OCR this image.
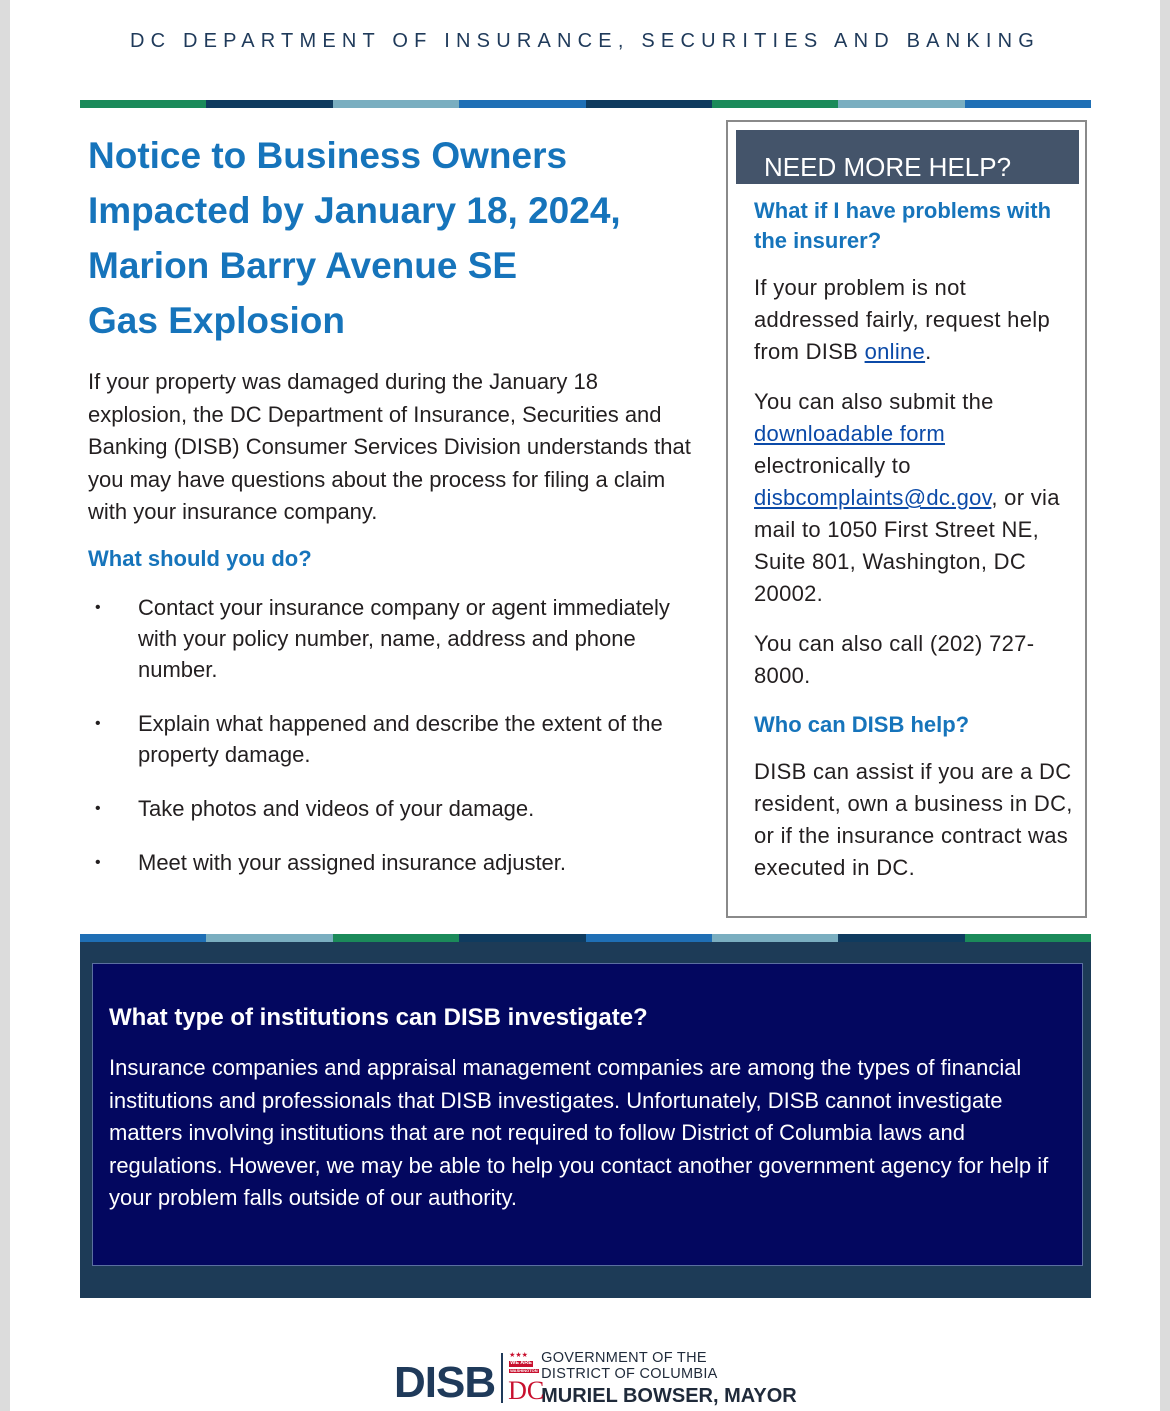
DC DEPARTMENT OF INSURANCE, SECURITIES AND BANKING
Notice to Business Owners
Impacted by January 18, 2024,
Marion Barry Avenue SE
Gas Explosion

If your property was damaged during the January 18 explosion, the DC Department of Insurance, Securities and Banking (DISB) Consumer Services Division understands that you may have questions about the process for filing a claim with your insurance company.

What should you do?
• Contact your insurance company or agent immediately with your policy number, name, address and phone number.
• Explain what happened and describe the extent of the property damage.
• Take photos and videos of your damage.
• Meet with your assigned insurance adjuster.
NEED MORE HELP?
What if I have problems with the insurer?

If your problem is not addressed fairly, request help from DISB online.

You can also submit the downloadable form electronically to disbcomplaints@dc.gov, or via mail to 1050 First Street NE, Suite 801, Washington, DC 20002.

You can also call (202) 727-8000.

Who can DISB help?

DISB can assist if you are a DC resident, own a business in DC, or if the insurance contract was executed in DC.

What type of institutions can DISB investigate?

Insurance companies and appraisal management companies are among the types of financial institutions and professionals that DISB investigates. Unfortunately, DISB cannot investigate matters involving institutions that are not required to follow District of Columbia laws and regulations. However, we may be able to help you contact another government agency for help if your problem falls outside of our authority.

DISB
★★★
WE ARE
WASHINGTON
DC
GOVERNMENT OF THE
DISTRICT OF COLUMBIA
MURIEL BOWSER, MAYOR
